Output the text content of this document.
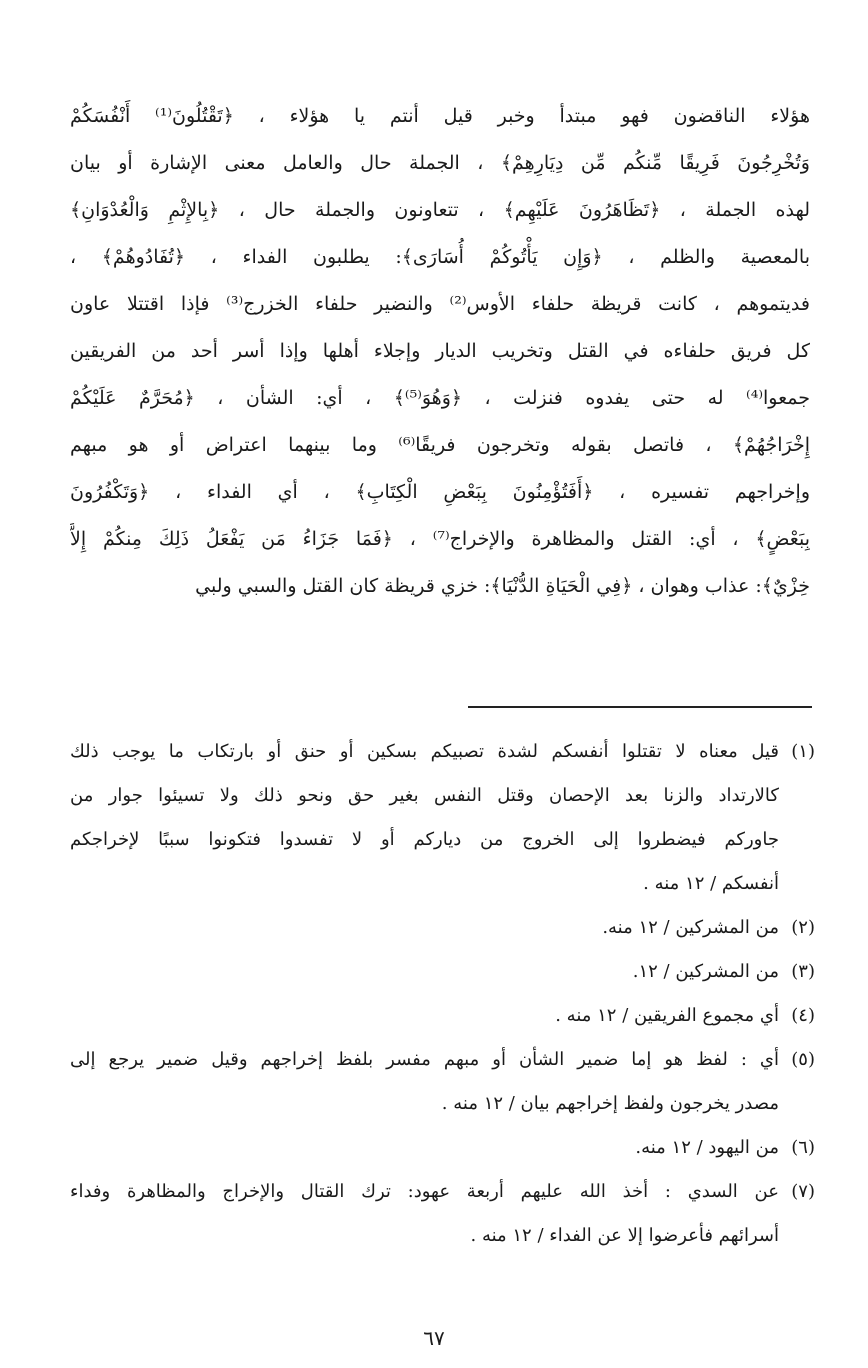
هؤلاء الناقضون فهو مبتدأ وخبر قيل أنتم يا هؤلاء ، ﴿تَقْتُلُونَ⁽¹⁾ أَنْفُسَكُمْ
وَتُخْرِجُونَ فَرِيقًا مِّنكُم مِّن دِيَارِهِمْ﴾ ، الجملة حال والعامل معنى الإشارة أو بيان
لهذه الجملة ، ﴿تَظَاهَرُونَ عَلَيْهِم﴾ ، تتعاونون والجملة حال ، ﴿بِالإِثْمِ وَالْعُدْوَانِ﴾
بالمعصية والظلم ، ﴿وَإِن يَأْتُوكُمْ أُسَارَى﴾: يطلبون الفداء ، ﴿تُفَادُوهُمْ﴾ ،
فديتموهم ، كانت قريظة حلفاء الأوس⁽²⁾ والنضير حلفاء الخزرج⁽³⁾ فإذا اقتتلا عاون
كل فريق حلفاءه في القتل وتخريب الديار وإجلاء أهلها وإذا أسر أحد من الفريقين
جمعوا⁽⁴⁾ له حتى يفدوه فنزلت ، ﴿وَهُوَ⁽⁵⁾﴾ ، أي: الشأن ، ﴿مُحَرَّمٌ عَلَيْكُمْ
إِخْرَاجُهُمْ﴾ ، فاتصل بقوله وتخرجون فريقًا⁽⁶⁾ وما بينهما اعتراض أو هو مبهم
وإخراجهم تفسيره ، ﴿أَفَتُؤْمِنُونَ بِبَعْضِ الْكِتَابِ﴾ ، أي الفداء ، ﴿وَتَكْفُرُونَ
بِبَعْضٍ﴾ ، أي: القتل والمظاهرة والإخراج⁽⁷⁾ ، ﴿فَمَا جَزَاءُ مَن يَفْعَلُ ذَلِكَ مِنكُمْ إِلاَّ
خِزْيٌ﴾: عذاب وهوان ، ﴿فِي الْحَيَاةِ الدُّنْيَا﴾: خزي قريظة كان القتل والسبي ولبي
(١)
قيل معناه لا تقتلوا أنفسكم لشدة تصبيكم بسكين أو حنق أو بارتكاب ما يوجب ذلك
كالارتداد والزنا بعد الإحصان وقتل النفس بغير حق ونحو ذلك ولا تسيئوا جوار من
جاوركم فيضطروا إلى الخروج من دياركم أو لا تفسدوا فتكونوا سببًا لإخراجكم
أنفسكم / ١٢ منه .
(٢)
من المشركين / ١٢ منه.
(٣)
من المشركين / ١٢.
(٤)
أي مجموع الفريقين / ١٢ منه .
(٥)
أي : لفظ هو إما ضمير الشأن أو مبهم مفسر بلفظ إخراجهم وقيل ضمير يرجع إلى
مصدر يخرجون ولفظ إخراجهم بيان / ١٢ منه .
(٦)
من اليهود / ١٢ منه.
(٧)
عن السدي : أخذ الله عليهم أربعة عهود: ترك القتال والإخراج والمظاهرة وفداء
أسرائهم فأعرضوا إلا عن الفداء / ١٢ منه .
٦٧
